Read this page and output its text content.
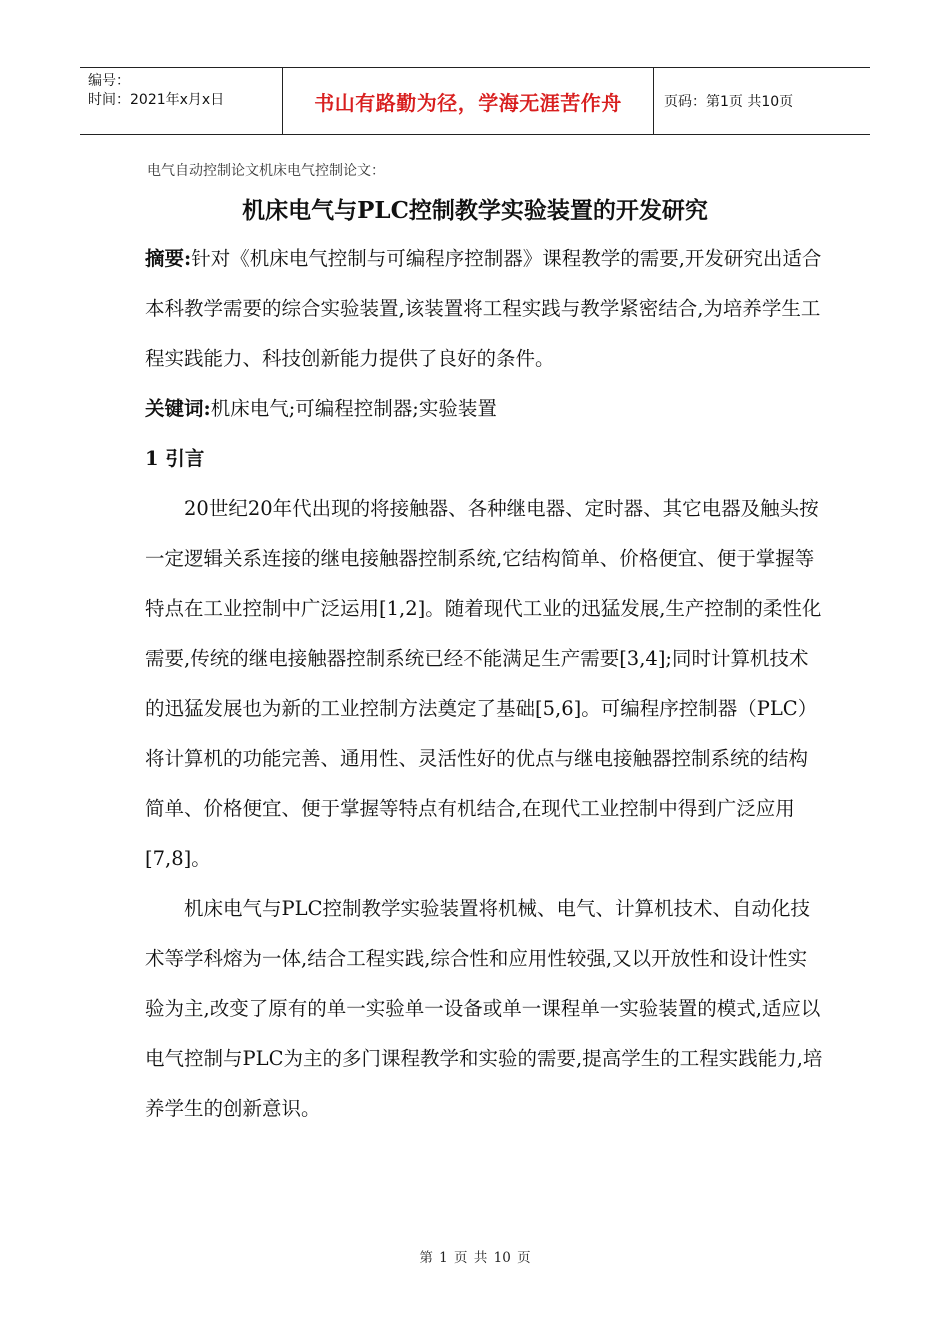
编号：
时间：2021年x月x日	书山有路勤为径，学海无涯苦作舟	页码：第1页 共10页
电气自动控制论文机床电气控制论文：
机床电气与PLC控制教学实验装置的开发研究

摘要:针对《机床电气控制与可编程序控制器》课程教学的需要,开发研究出适合本科教学需要的综合实验装置,该装置将工程实践与教学紧密结合,为培养学生工程实践能力、科技创新能力提供了良好的条件。

关键词:机床电气;可编程控制器;实验装置

1 引言

20世纪20年代出现的将接触器、各种继电器、定时器、其它电器及触头按一定逻辑关系连接的继电接触器控制系统,它结构简单、价格便宜、便于掌握等特点在工业控制中广泛运用[1,2]。随着现代工业的迅猛发展,生产控制的柔性化需要,传统的继电接触器控制系统已经不能满足生产需要[3,4];同时计算机技术的迅猛发展也为新的工业控制方法奠定了基础[5,6]。可编程序控制器（PLC）将计算机的功能完善、通用性、灵活性好的优点与继电接触器控制系统的结构简单、价格便宜、便于掌握等特点有机结合,在现代工业控制中得到广泛应用[7,8]。

机床电气与PLC控制教学实验装置将机械、电气、计算机技术、自动化技术等学科熔为一体,结合工程实践,综合性和应用性较强,又以开放性和设计性实验为主,改变了原有的单一实验单一设备或单一课程单一实验装置的模式,适应以电气控制与PLC为主的多门课程教学和实验的需要,提高学生的工程实践能力,培养学生的创新意识。

第 1 页 共 10 页
